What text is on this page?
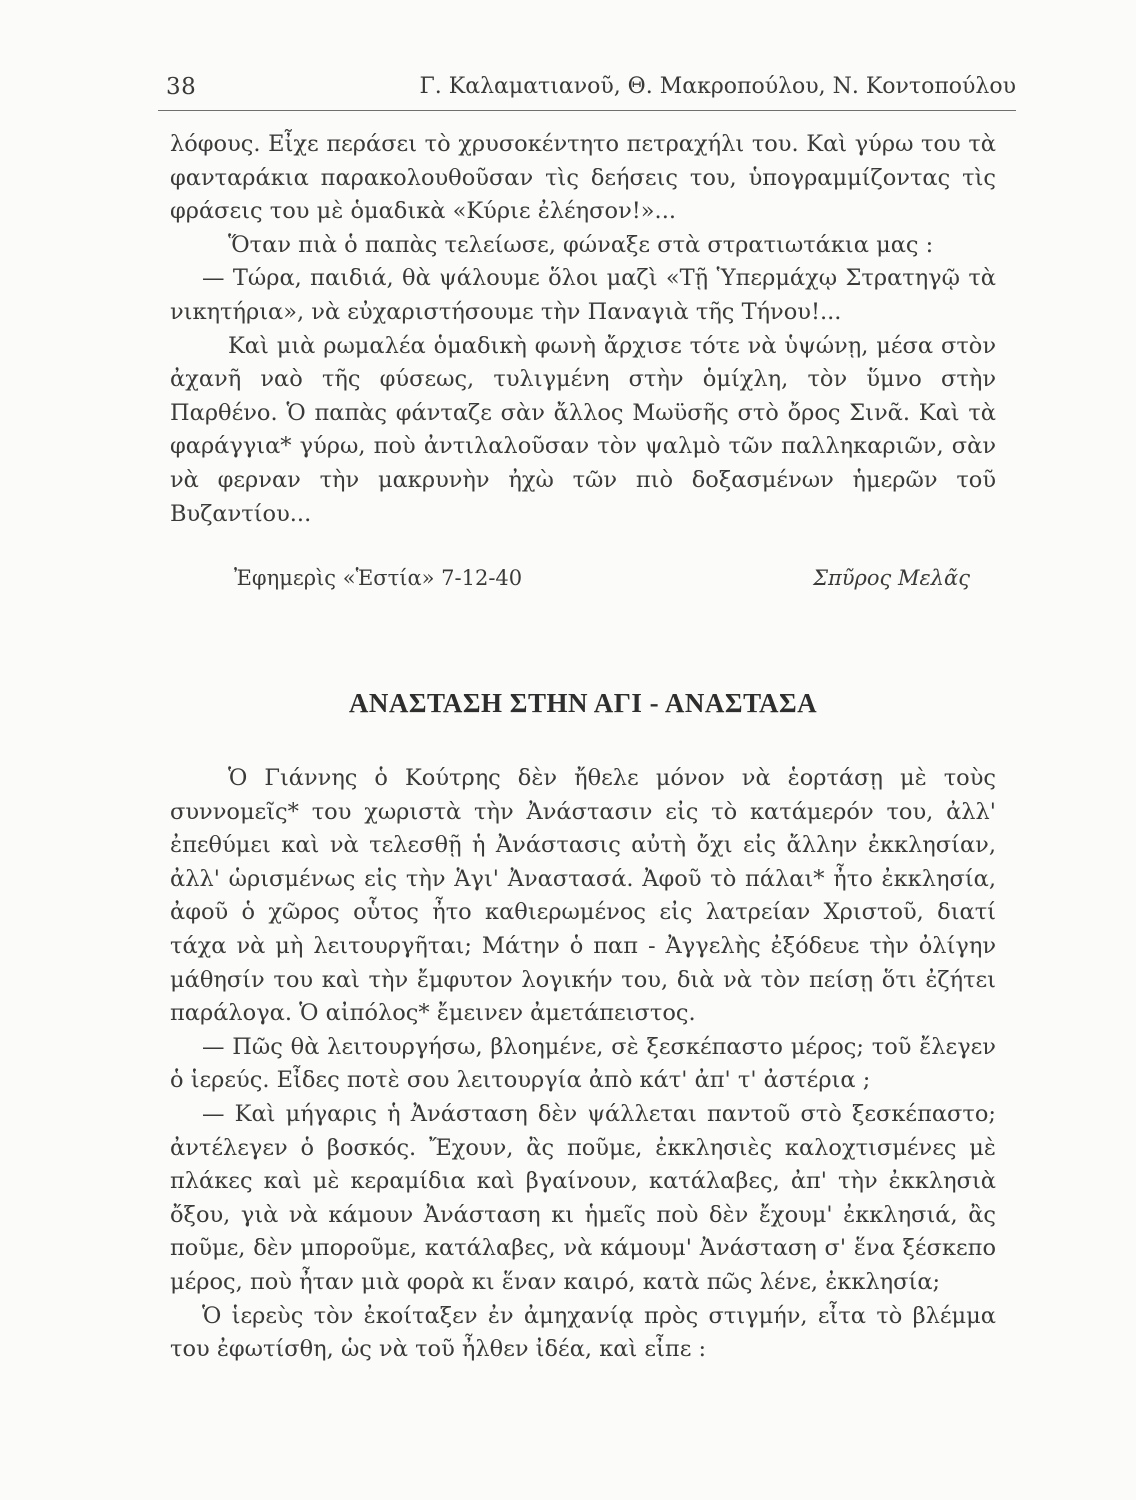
38	Γ. Καλαματιανοῦ, Θ. Μακροπούλου, Ν. Κοντοπούλου

λόφους. Εἶχε περάσει τὸ χρυσοκέντητο πετραχήλι του. Καὶ γύρω του τὰ φανταράκια παρακολουθοῦσαν τὶς δεήσεις του, ὑπογραμμίζοντας τὶς φράσεις του μὲ ὁμαδικὰ «Κύριε ἐλέησον!»...

Ὅταν πιὰ ὁ παπὰς τελείωσε, φώναξε στὰ στρατιωτάκια μας :

— Τώρα, παιδιά, θὰ ψάλουμε ὅλοι μαζὶ «Τῇ Ὑπερμάχῳ Στρατηγῷ τὰ νικητήρια», νὰ εὐχαριστήσουμε τὴν Παναγιὰ τῆς Τήνου!...

Καὶ μιὰ ρωμαλέα ὁμαδικὴ φωνὴ ἄρχισε τότε νὰ ὑψώνῃ, μέσα στὸν ἀχανῆ ναὸ τῆς φύσεως, τυλιγμένη στὴν ὁμίχλη, τὸν ὕμνο στὴν Παρθένο. Ὁ παπὰς φάνταζε σὰν ἄλλος Μωϋσῆς στὸ ὄρος Σινᾶ. Καὶ τὰ φαράγγια* γύρω, ποὺ ἀντιλαλοῦσαν τὸν ψαλμὸ τῶν παλληκαριῶν, σὰν νὰ φερναν τὴν μακρυνὴν ἠχὼ τῶν πιὸ δοξασμένων ἡμερῶν τοῦ Βυζαντίου...

Ἐφημερὶς «Ἑστία» 7-12-40	Σπῦρος Μελᾶς
ΑΝΑΣΤΑΣΗ ΣΤΗΝ ΑΓΙ - ΑΝΑΣΤΑΣΑ

Ὁ Γιάννης ὁ Κούτρης δὲν ἤθελε μόνον νὰ ἑορτάσῃ μὲ τοὺς συννομεῖς* του χωριστὰ τὴν Ἀνάστασιν εἰς τὸ κατάμερόν του, ἀλλ' ἐπεθύμει καὶ νὰ τελεσθῇ ἡ Ἀνάστασις αὐτὴ ὄχι εἰς ἄλλην ἐκκλησίαν, ἀλλ' ὡρισμένως εἰς τὴν Ἁγι' Ἀναστασά. Ἀφοῦ τὸ πάλαι* ἦτο ἐκκλησία, ἀφοῦ ὁ χῶρος οὗτος ἦτο καθιερωμένος εἰς λατρείαν Χριστοῦ, διατί τάχα νὰ μὴ λειτουργῆται; Μάτην ὁ παπ - Ἀγγελὴς ἐξόδευε τὴν ὀλίγην μάθησίν του καὶ τὴν ἔμφυτον λογικήν του, διὰ νὰ τὸν πείσῃ ὅτι ἐζήτει παράλογα. Ὁ αἰπόλος* ἔμεινεν ἀμετάπειστος.

— Πῶς θὰ λειτουργήσω, βλοημένε, σὲ ξεσκέπαστο μέρος; τοῦ ἔλεγεν ὁ ἱερεύς. Εἶδες ποτὲ σου λειτουργία ἀπὸ κάτ' ἀπ' τ' ἀστέρια ;

— Καὶ μήγαρις ἡ Ἀνάσταση δὲν ψάλλεται παντοῦ στὸ ξεσκέπαστο; ἀντέλεγεν ὁ βοσκός. Ἔχουν, ἂς ποῦμε, ἐκκλησιὲς καλοχτισμένες μὲ πλάκες καὶ μὲ κεραμίδια καὶ βγαίνουν, κατάλαβες, ἀπ' τὴν ἐκκλησιὰ ὄξου, γιὰ νὰ κάμουν Ἀνάσταση κι ἡμεῖς ποὺ δὲν ἔχουμ' ἐκκλησιά, ἂς ποῦμε, δὲν μποροῦμε, κατάλαβες, νὰ κάμουμ' Ἀνάσταση σ' ἕνα ξέσκεπο μέρος, ποὺ ἦταν μιὰ φορὰ κι ἕναν καιρό, κατὰ πῶς λένε, ἐκκλησία;

Ὁ ἱερεὺς τὸν ἐκοίταξεν ἐν ἀμηχανίᾳ πρὸς στιγμήν, εἶτα τὸ βλέμμα του ἐφωτίσθη, ὡς νὰ τοῦ ἦλθεν ἰδέα, καὶ εἶπε :
